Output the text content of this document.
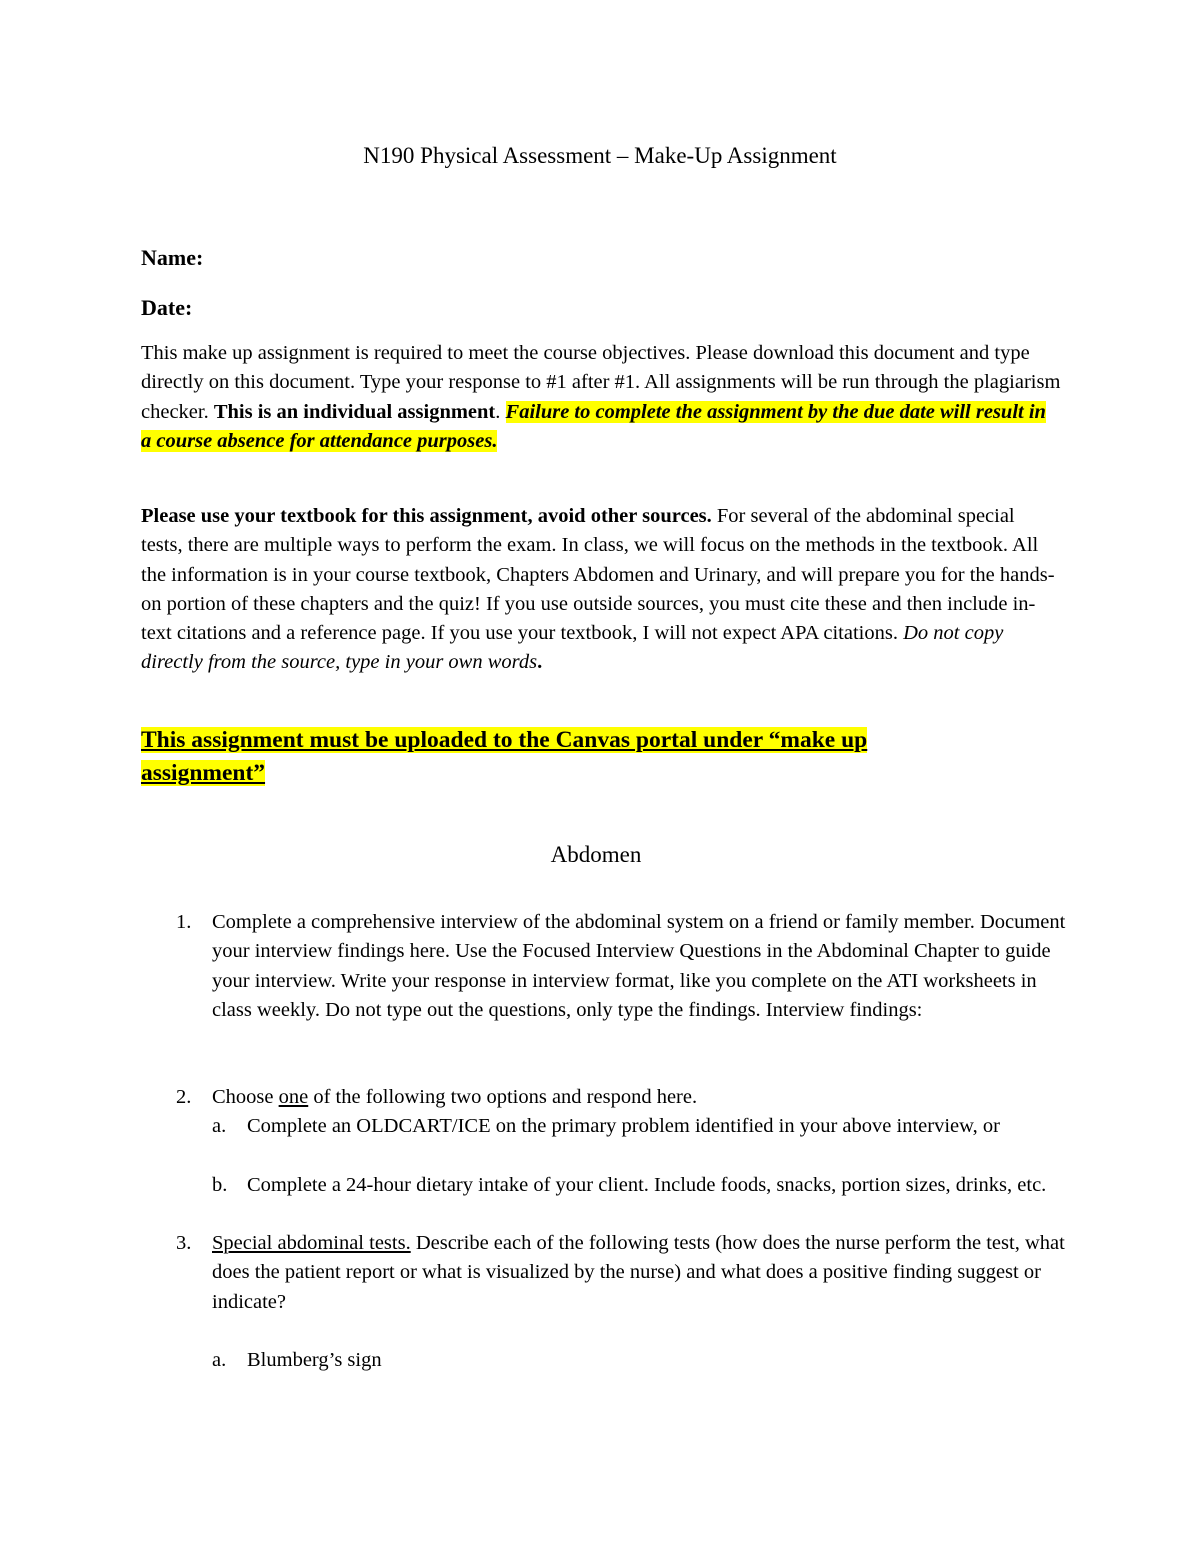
N190 Physical Assessment – Make-Up Assignment
Name:
Date:

This make up assignment is required to meet the course objectives. Please download this document and type directly on this document. Type your response to #1 after #1. All assignments will be run through the plagiarism checker. This is an individual assignment. Failure to complete the assignment by the due date will result in a course absence for attendance purposes.

Please use your textbook for this assignment, avoid other sources. For several of the abdominal special tests, there are multiple ways to perform the exam. In class, we will focus on the methods in the textbook. All the information is in your course textbook, Chapters Abdomen and Urinary, and will prepare you for the hands-on portion of these chapters and the quiz! If you use outside sources, you must cite these and then include in-text citations and a reference page. If you use your textbook, I will not expect APA citations. Do not copy directly from the source, type in your own words.

This assignment must be uploaded to the Canvas portal under “make up assignment”

Abdomen
1.	Complete a comprehensive interview of the abdominal system on a friend or family member. Document your interview findings here. Use the Focused Interview Questions in the Abdominal Chapter to guide your interview. Write your response in interview format, like you complete on the ATI worksheets in class weekly. Do not type out the questions, only type the findings. Interview findings:
2.	Choose one of the following two options and respond here.
a.	Complete an OLDCART/ICE on the primary problem identified in your above interview, or
b. Complete a 24-hour dietary intake of your client. Include foods, snacks, portion sizes, drinks, etc.
3.	Special abdominal tests. Describe each of the following tests (how does the nurse perform the test, what does the patient report or what is visualized by the nurse) and what does a positive finding suggest or indicate?
a.	Blumberg’s sign
